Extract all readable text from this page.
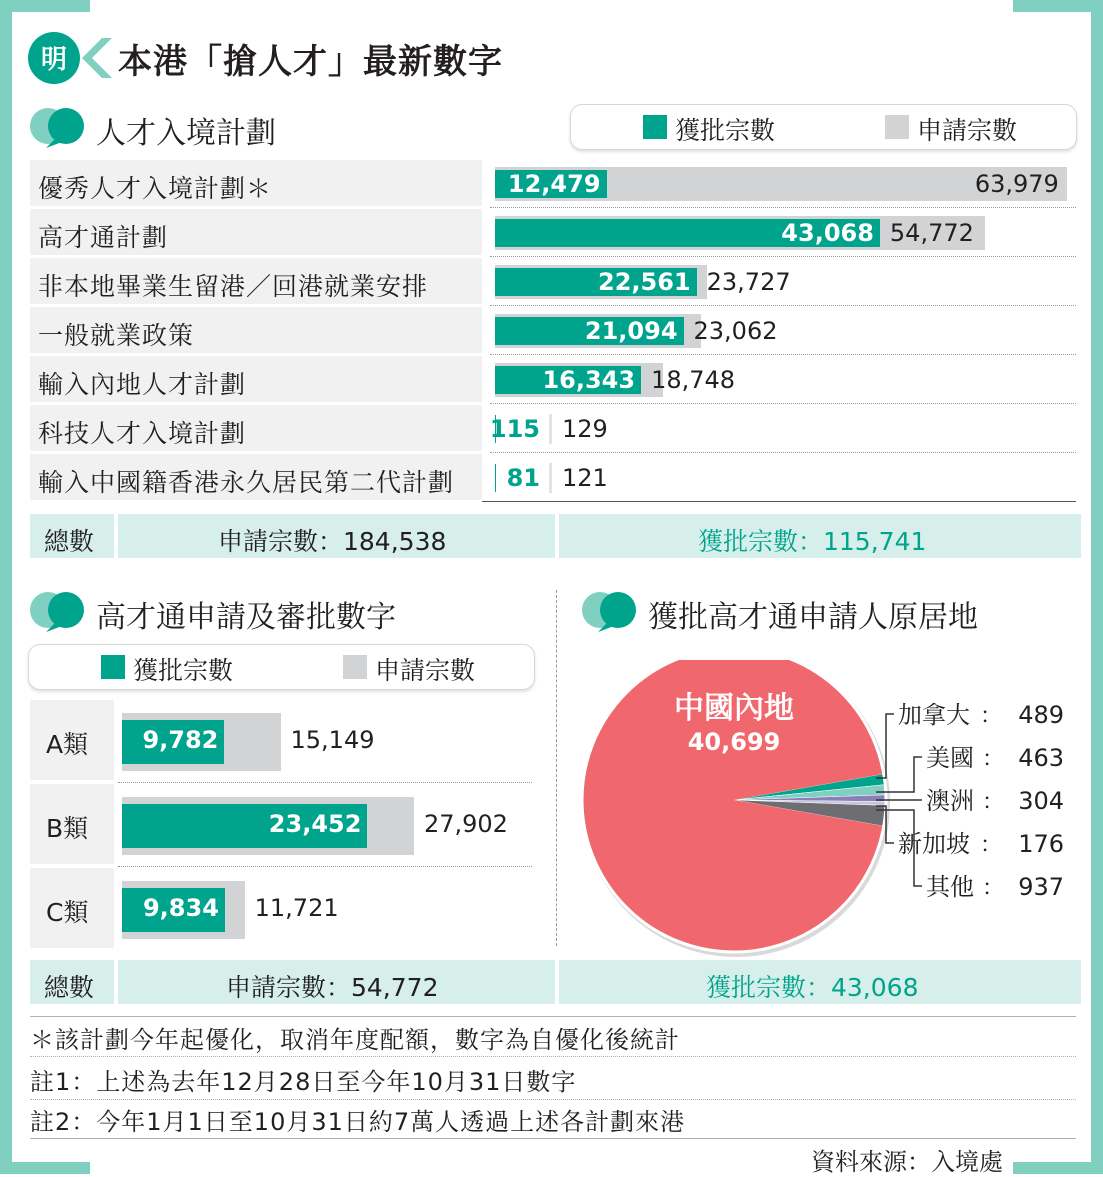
明 本港「搶人才」最新數字
人才入境計劃	獲批宗數	申請宗數
優秀人才入境計劃＊	12,479	63,979
高才通計劃	43,068 54,772
非本地畢業生留港／回港就業安排	22,561 23,727
一般就業政策	21,094 23,062
輸入內地人才計劃	16,343 18,748
科技人才入境計劃	115 129
輸入中國籍香港永久居民第二代計劃 81 121
總數	申請宗數：184,538	獲批宗數：115,741
高才通申請及審批數字
獲批宗數	申請宗數
A類 9,782	15,149
B類	23,452	27,902
C類 9,834 11,721
獲批高才通申請人原居地
中國內地
40,699
加拿大 ： 489
美國 ： 463
澳洲 ： 304
新加坡 ： 176
其他 ： 937
總數	申請宗數：54,772	獲批宗數：43,068
＊該計劃今年起優化，取消年度配額，數字為自優化後統計
註1：上述為去年12月28日至今年10月31日數字
註2：今年1月1日至10月31日約7萬人透過上述各計劃來港
資料來源：入境處
